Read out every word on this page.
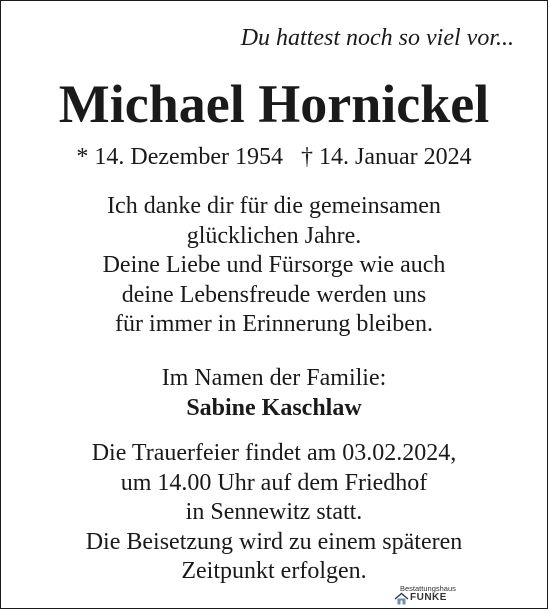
Du hattest noch so viel vor...
Michael Hornickel
* 14. Dezember 1954 † 14. Januar 2024
Ich danke dir für die gemeinsamen
glücklichen Jahre.
Deine Liebe und Fürsorge wie auch
deine Lebensfreude werden uns
für immer in Erinnerung bleiben.
Im Namen der Familie:
Sabine Kaschlaw
Die Trauerfeier findet am 03.02.2024,
um 14.00 Uhr auf dem Friedhof
in Sennewitz statt.
Die Beisetzung wird zu einem späteren
Zeitpunkt erfolgen.
Bestattungshaus
FUNKE
